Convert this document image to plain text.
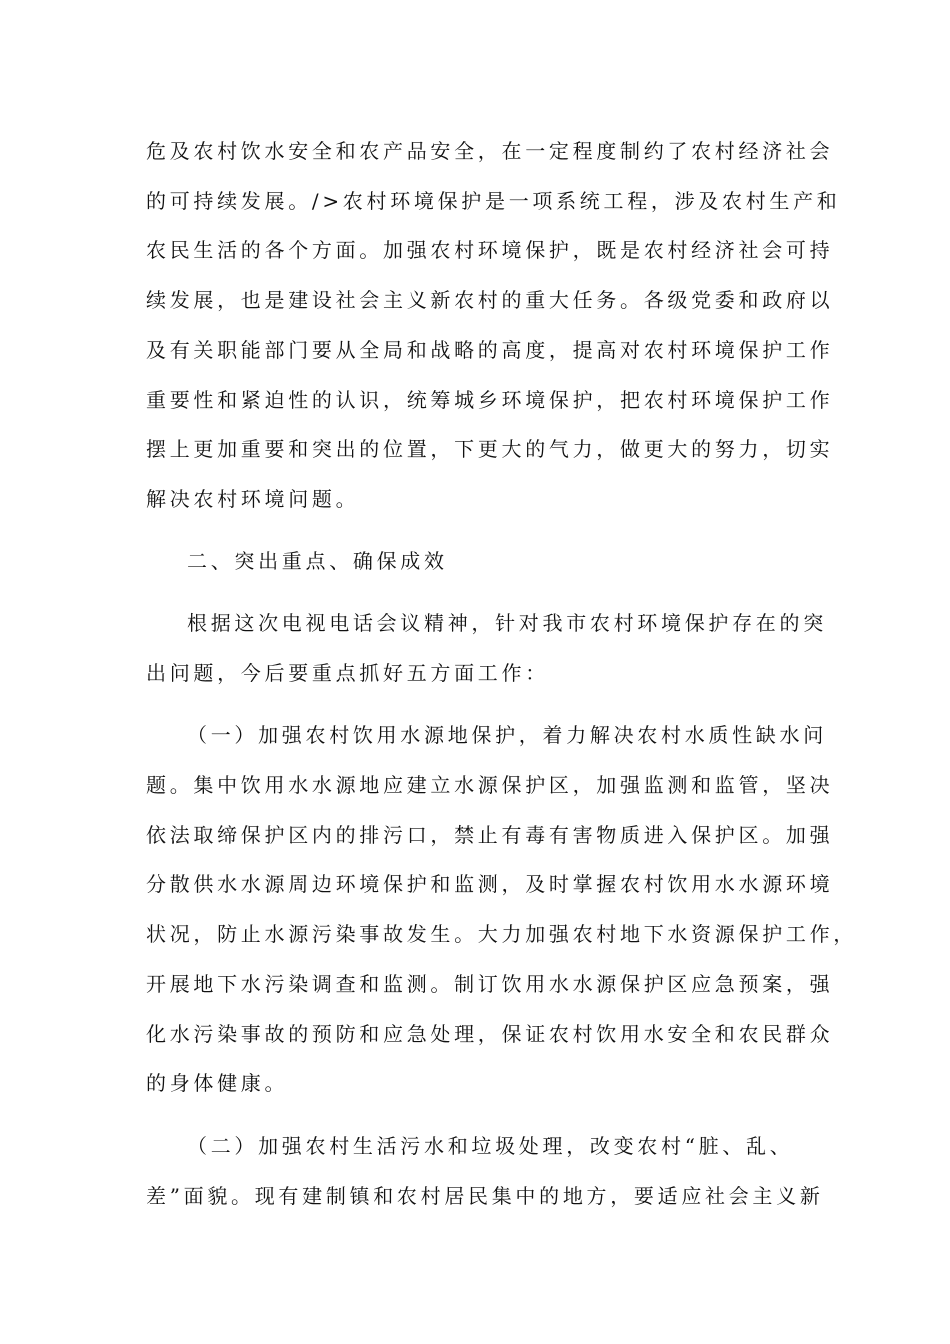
危及农村饮水安全和农产品安全，在一定程度制约了农村经济社会
的可持续发展。/>农村环境保护是一项系统工程，涉及农村生产和
农民生活的各个方面。加强农村环境保护，既是农村经济社会可持
续发展，也是建设社会主义新农村的重大任务。各级党委和政府以
及有关职能部门要从全局和战略的高度，提高对农村环境保护工作
重要性和紧迫性的认识，统筹城乡环境保护，把农村环境保护工作
摆上更加重要和突出的位置，下更大的气力，做更大的努力，切实
解决农村环境问题。
二、突出重点、确保成效
根据这次电视电话会议精神，针对我市农村环境保护存在的突
出问题，今后要重点抓好五方面工作：
（一）加强农村饮用水源地保护，着力解决农村水质性缺水问
题。集中饮用水水源地应建立水源保护区，加强监测和监管，坚决
依法取缔保护区内的排污口，禁止有毒有害物质进入保护区。加强
分散供水水源周边环境保护和监测，及时掌握农村饮用水水源环境
状况，防止水源污染事故发生。大力加强农村地下水资源保护工作，
开展地下水污染调查和监测。制订饮用水水源保护区应急预案，强
化水污染事故的预防和应急处理，保证农村饮用水安全和农民群众
的身体健康。
（二）加强农村生活污水和垃圾处理，改变农村“脏、乱、
差”面貌。现有建制镇和农村居民集中的地方，要适应社会主义新
